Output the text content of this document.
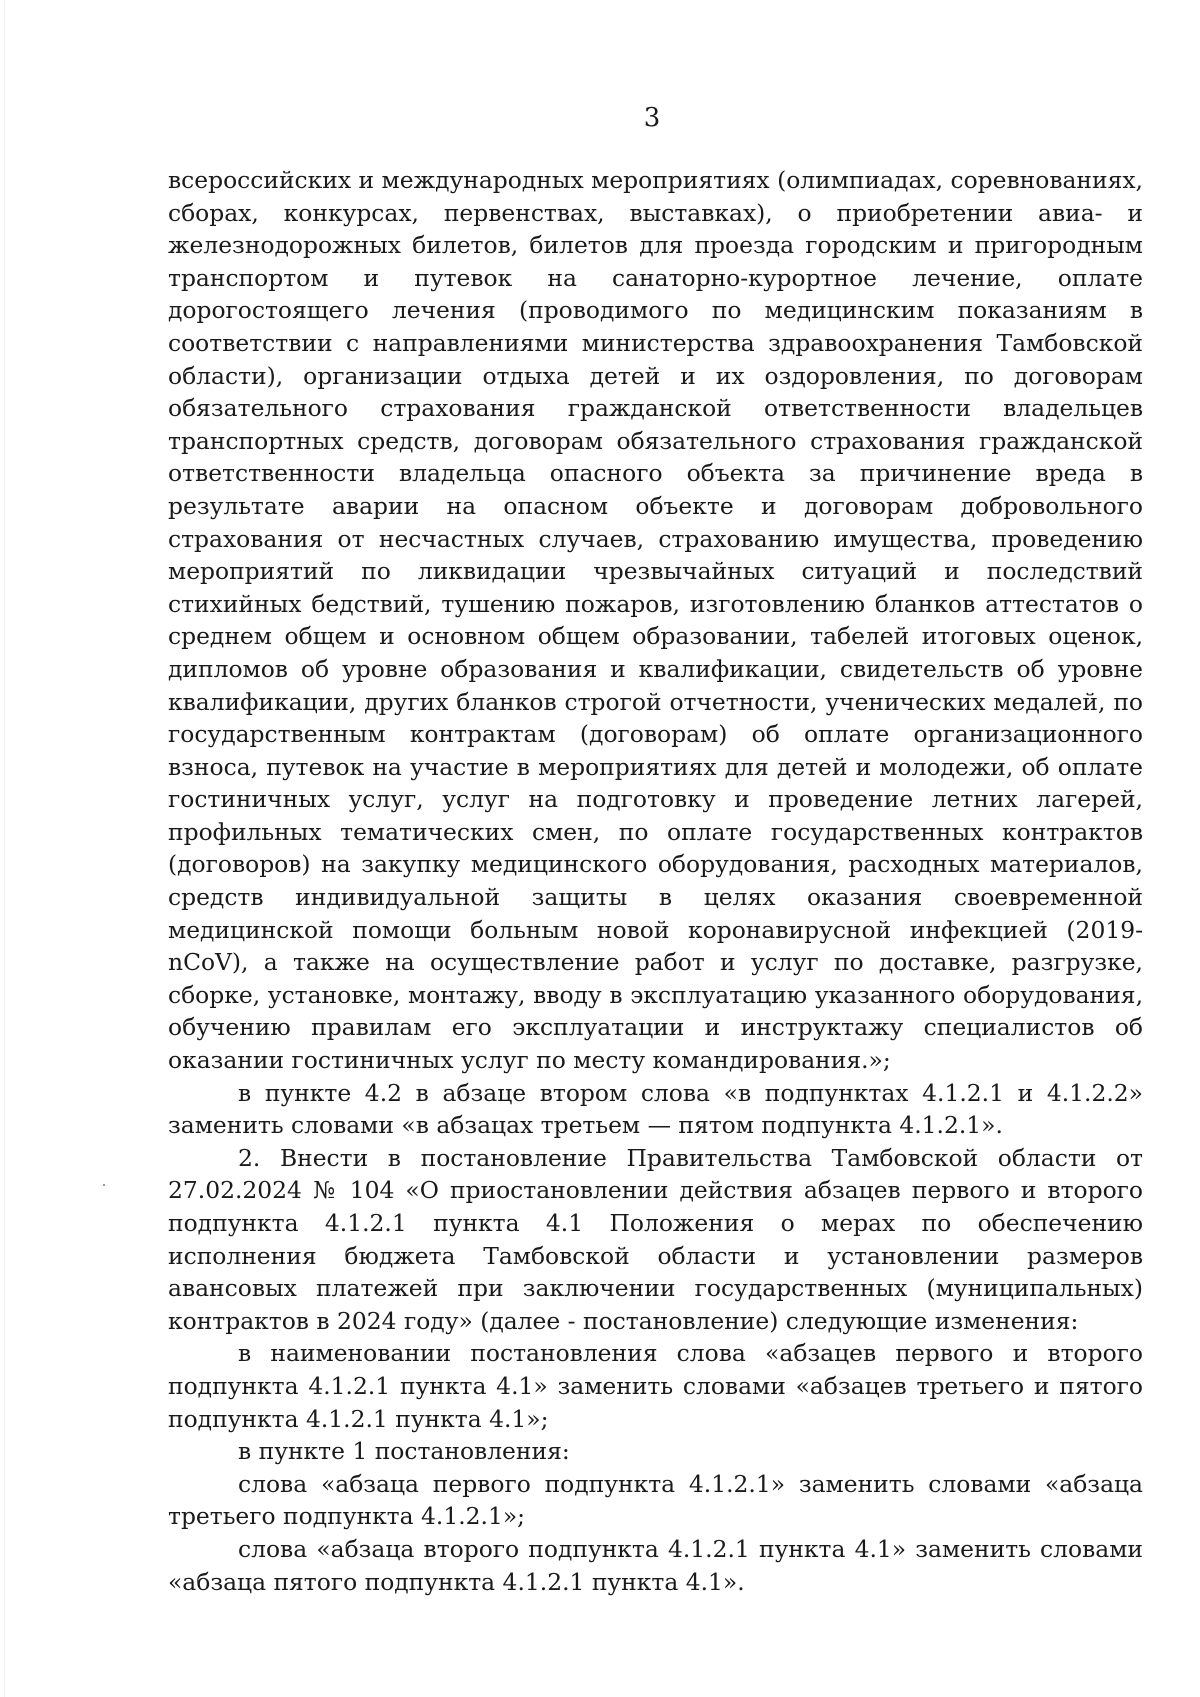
3

всероссийских и международных мероприятиях (олимпиадах, соревнованиях, сборах, конкурсах, первенствах, выставках), о приобретении авиа- и железнодорожных билетов, билетов для проезда городским и пригородным транспортом и путевок на санаторно-курортное лечение, оплате дорогостоящего лечения (проводимого по медицинским показаниям в соответствии с направлениями министерства здравоохранения Тамбовской области), организации отдыха детей и их оздоровления, по договорам обязательного страхования гражданской ответственности владельцев транспортных средств, договорам обязательного страхования гражданской ответственности владельца опасного объекта за причинение вреда в результате аварии на опасном объекте и договорам добровольного страхования от несчастных случаев, страхованию имущества, проведению мероприятий по ликвидации чрезвычайных ситуаций и последствий стихийных бедствий, тушению пожаров, изготовлению бланков аттестатов о среднем общем и основном общем образовании, табелей итоговых оценок, дипломов об уровне образования и квалификации, свидетельств об уровне квалификации, других бланков строгой отчетности, ученических медалей, по государственным контрактам (договорам) об оплате организационного взноса, путевок на участие в мероприятиях для детей и молодежи, об оплате гостиничных услуг, услуг на подготовку и проведение летних лагерей, профильных тематических смен, по оплате государственных контрактов (договоров) на закупку медицинского оборудования, расходных материалов, средств индивидуальной защиты в целях оказания своевременной медицинской помощи больным новой коронавирусной инфекцией (2019-nCoV), а также на осуществление работ и услуг по доставке, разгрузке, сборке, установке, монтажу, вводу в эксплуатацию указанного оборудования, обучению правилам его эксплуатации и инструктажу специалистов об оказании гостиничных услуг по месту командирования.»;

в пункте 4.2 в абзаце втором слова «в подпунктах 4.1.2.1 и 4.1.2.2» заменить словами «в абзацах третьем — пятом подпункта 4.1.2.1».

2. Внести в постановление Правительства Тамбовской области от 27.02.2024 № 104 «О приостановлении действия абзацев первого и второго подпункта 4.1.2.1 пункта 4.1 Положения о мерах по обеспечению исполнения бюджета Тамбовской области и установлении размеров авансовых платежей при заключении государственных (муниципальных) контрактов в 2024 году» (далее - постановление) следующие изменения:

в наименовании постановления слова «абзацев первого и второго подпункта 4.1.2.1 пункта 4.1» заменить словами «абзацев третьего и пятого подпункта 4.1.2.1 пункта 4.1»;

в пункте 1 постановления:

слова «абзаца первого подпункта 4.1.2.1» заменить словами «абзаца третьего подпункта 4.1.2.1»;

слова «абзаца второго подпункта 4.1.2.1 пункта 4.1» заменить словами «абзаца пятого подпункта 4.1.2.1 пункта 4.1».
